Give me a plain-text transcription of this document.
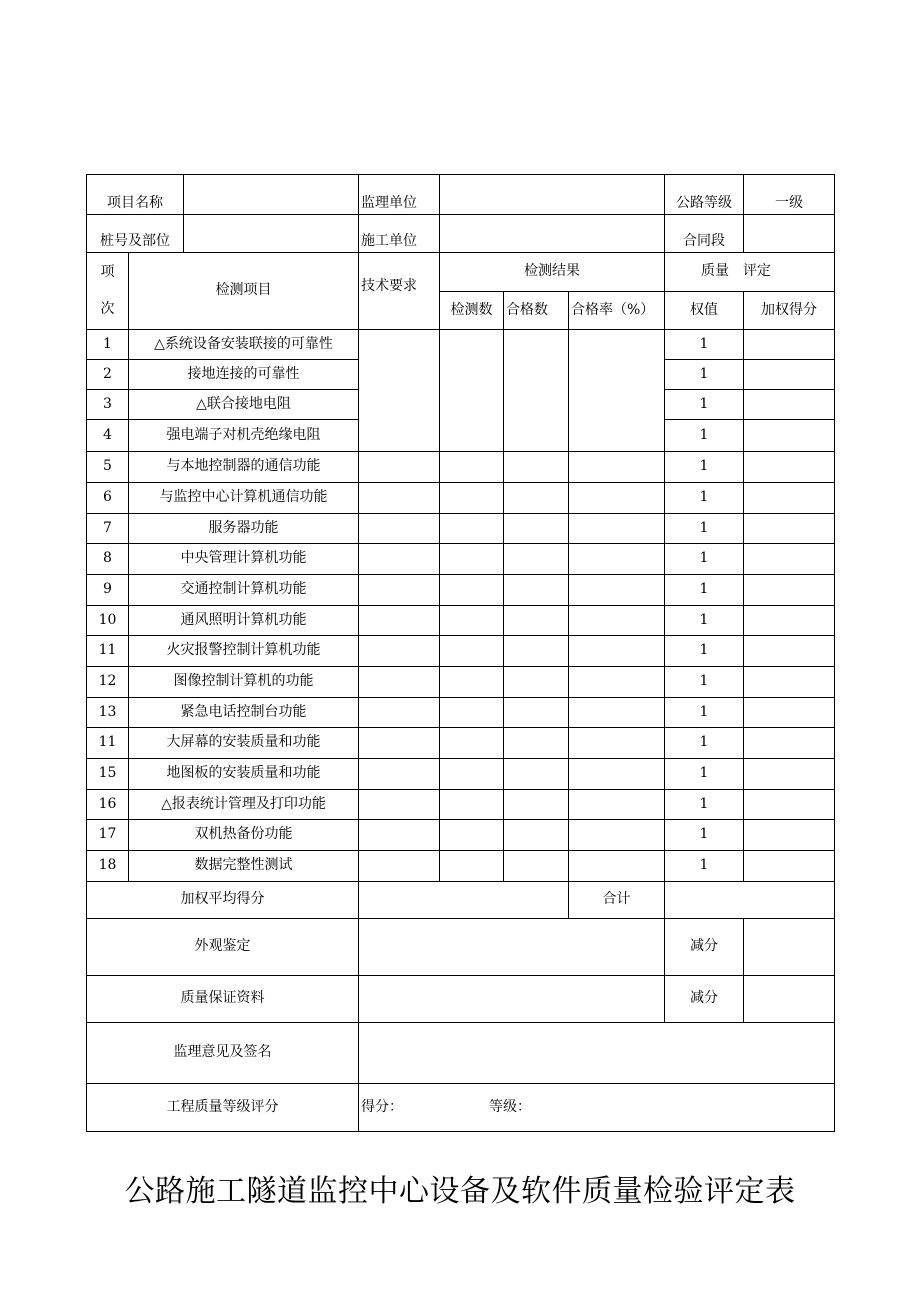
项目名称			监理单位				公路等级	一级
桩号及部位			施工单位				合同段	

项
次	检测项目		技术要求	检测结果			质量　评定	
				检测数	合格数	合格率（%）	权值	加权得分
1	△系统设备安装联接的可靠性						1	
2	接地连接的可靠性						1	
3	△联合接地电阻						1	
4	强电端子对机壳绝缘电阻						1	
5	与本地控制器的通信功能						1	
6	与监控中心计算机通信功能						1	
7	服务器功能						1	
8	中央管理计算机功能						1	
9	交通控制计算机功能						1	
10	通风照明计算机功能						1	
11	火灾报警控制计算机功能						1	
12	图像控制计算机的功能						1	
13	紧急电话控制台功能						1	
11	大屏幕的安装质量和功能						1	
15	地图板的安装质量和功能						1	
16	△报表统计管理及打印功能						1	
17	双机热备份功能						1	
18	数据完整性测试						1	
加权平均得分						合计		
外观鉴定							减分	
质量保证资料							减分	
监理意见及签名								
工程质量等级评分			得分： 等级：					
公路施工隧道监控中心设备及软件质量检验评定表
